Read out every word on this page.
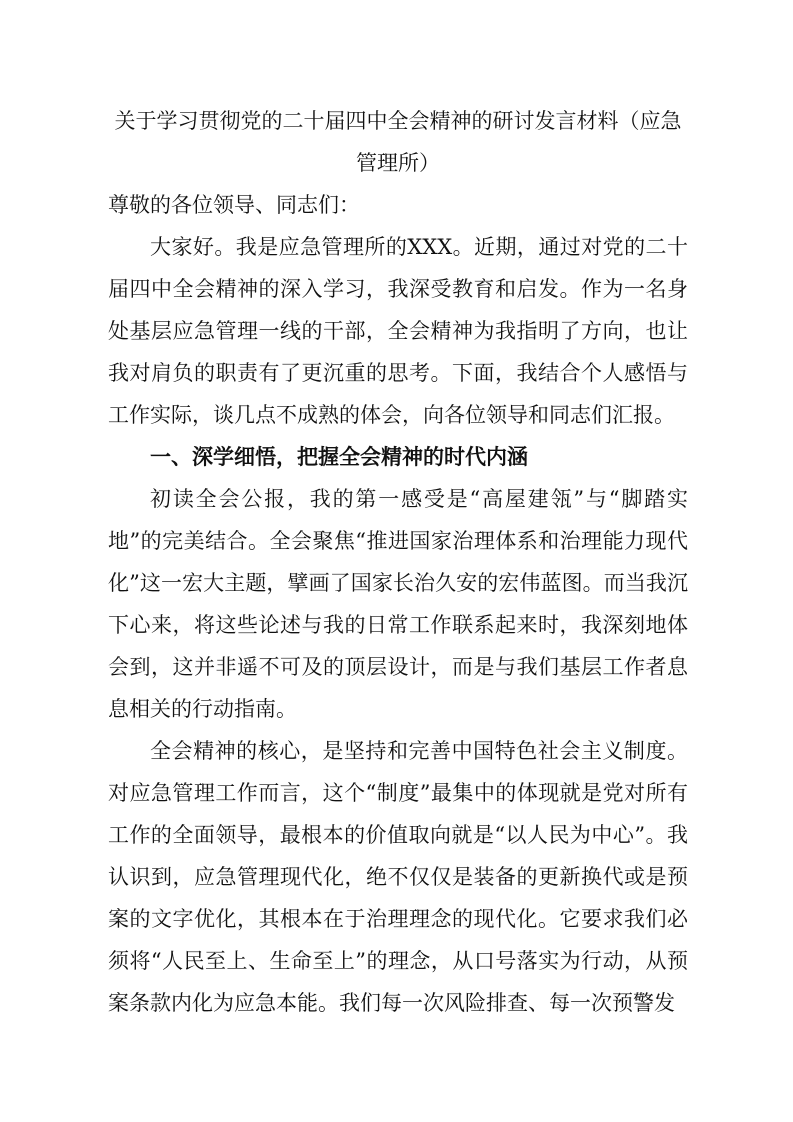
关于学习贯彻党的二十届四中全会精神的研讨发言材料（应急管理所）

尊敬的各位领导、同志们：

大家好。我是应急管理所的XXX。近期，通过对党的二十届四中全会精神的深入学习，我深受教育和启发。作为一名身处基层应急管理一线的干部，全会精神为我指明了方向，也让我对肩负的职责有了更沉重的思考。下面，我结合个人感悟与工作实际，谈几点不成熟的体会，向各位领导和同志们汇报。

一、深学细悟，把握全会精神的时代内涵

初读全会公报，我的第一感受是“高屋建瓴”与“脚踏实地”的完美结合。全会聚焦“推进国家治理体系和治理能力现代化”这一宏大主题，擘画了国家长治久安的宏伟蓝图。而当我沉下心来，将这些论述与我的日常工作联系起来时，我深刻地体会到，这并非遥不可及的顶层设计，而是与我们基层工作者息息相关的行动指南。

全会精神的核心，是坚持和完善中国特色社会主义制度。对应急管理工作而言，这个“制度”最集中的体现就是党对所有工作的全面领导，最根本的价值取向就是“以人民为中心”。我认识到，应急管理现代化，绝不仅仅是装备的更新换代或是预案的文字优化，其根本在于治理理念的现代化。它要求我们必须将“人民至上、生命至上”的理念，从口号落实为行动，从预案条款内化为应急本能。我们每一次风险排查、每一次预警发
